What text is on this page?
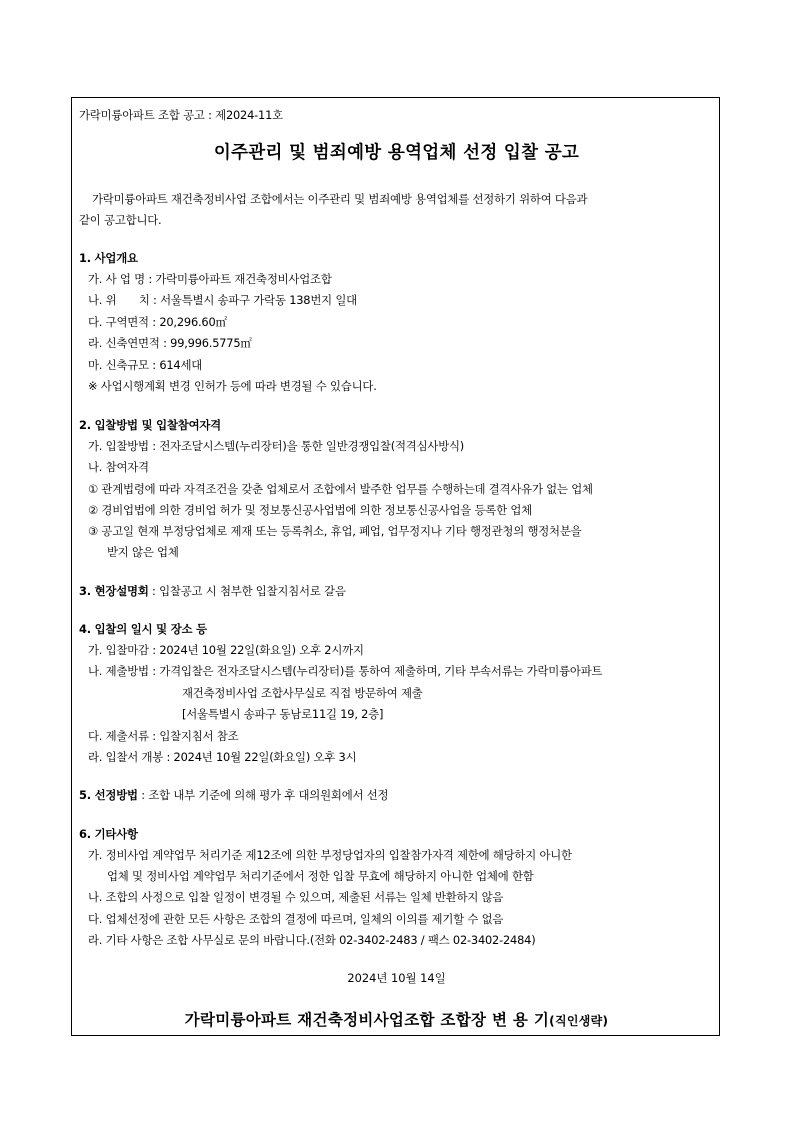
가락미륭아파트 조합 공고 : 제2024-11호
이주관리 및 범죄예방 용역업체 선정 입찰 공고
가락미륭아파트 재건축정비사업 조합에서는 이주관리 및 범죄예방 용역업체를 선정하기 위하여 다음과
같이 공고합니다.
1. 사업개요
가. 사 업 명 : 가락미륭아파트 재건축정비사업조합
나. 위　　치 : 서울특별시 송파구 가락동 138번지 일대
다. 구역면적 : 20,296.60㎡
라. 신축연면적 : 99,996.5775㎡
마. 신축규모 : 614세대
※ 사업시행계획 변경 인허가 등에 따라 변경될 수 있습니다.
2. 입찰방법 및 입찰참여자격
가. 입찰방법 : 전자조달시스템(누리장터)을 통한 일반경쟁입찰(적격심사방식)
나. 참여자격
① 관계법령에 따라 자격조건을 갖춘 업체로서 조합에서 발주한 업무를 수행하는데 결격사유가 없는 업체
② 경비업법에 의한 경비업 허가 및 정보통신공사업법에 의한 정보통신공사업을 등록한 업체
③ 공고일 현재 부정당업체로 제재 또는 등록취소, 휴업, 폐업, 업무정지나 기타 행정관청의 행정처분을
받지 않은 업체
3. 현장설명회 : 입찰공고 시 첨부한 입찰지침서로 갈음
4. 입찰의 일시 및 장소 등
가. 입찰마감 : 2024년 10월 22일(화요일) 오후 2시까지
나. 제출방법 : 가격입찰은 전자조달시스템(누리장터)를 통하여 제출하며, 기타 부속서류는 가락미륭아파트
재건축정비사업 조합사무실로 직접 방문하여 제출
[서울특별시 송파구 동남로11길 19, 2층]
다. 제출서류 : 입찰지침서 참조
라. 입찰서 개봉 : 2024년 10월 22일(화요일) 오후 3시
5. 선정방법 : 조합 내부 기준에 의해 평가 후 대의원회에서 선정
6. 기타사항
가. 정비사업 계약업무 처리기준 제12조에 의한 부정당업자의 입찰참가자격 제한에 해당하지 아니한
업체 및 정비사업 계약업무 처리기준에서 정한 입찰 무효에 해당하지 아니한 업체에 한함
나. 조합의 사정으로 입찰 일정이 변경될 수 있으며, 제출된 서류는 일체 반환하지 않음
다. 업체선정에 관한 모든 사항은 조합의 결정에 따르며, 일체의 이의를 제기할 수 없음
라. 기타 사항은 조합 사무실로 문의 바랍니다.(전화 02-3402-2483 / 팩스 02-3402-2484)
2024년 10월 14일
가락미륭아파트 재건축정비사업조합 조합장 변 용 기(직인생략)
